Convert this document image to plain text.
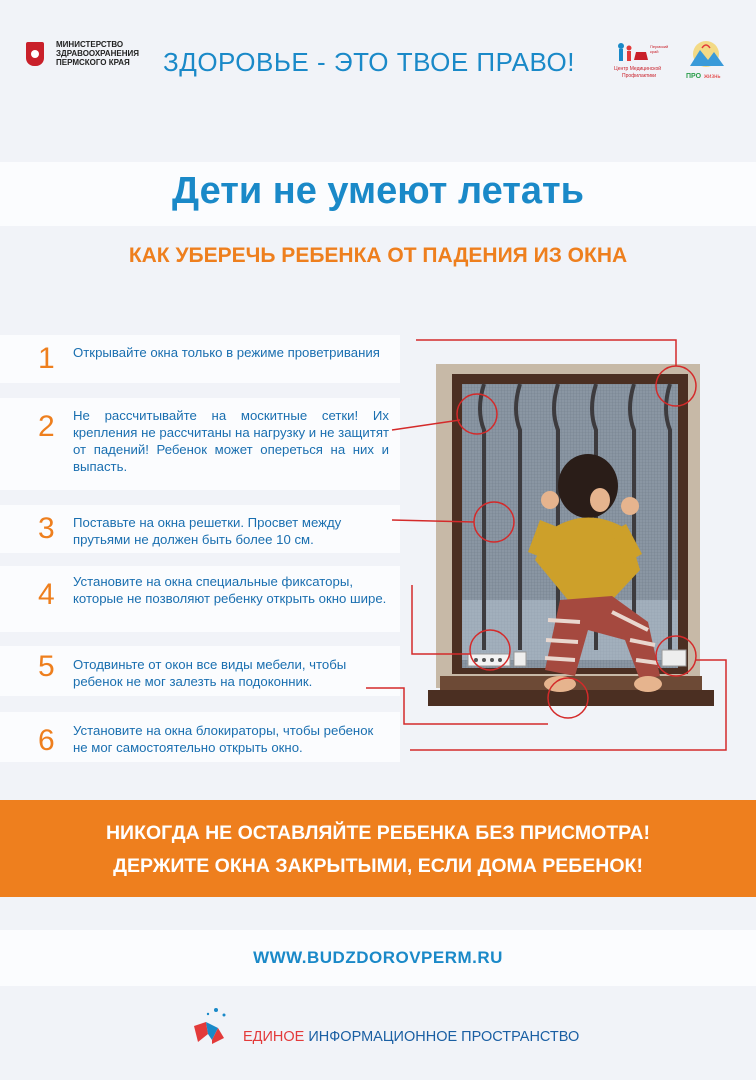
МИНИСТЕРСТВО ЗДРАВООХРАНЕНИЯ ПЕРМСКОГО КРАЯ	ЗДОРОВЬЕ - ЭТО ТВОЕ ПРАВО!
Пермский
край
Центр Медицинской
Профилактики	ПРО жизнь
Дети не умеют летать
КАК УБЕРЕЧЬ РЕБЕНКА ОТ ПАДЕНИЯ ИЗ ОКНА
1 Открывайте окна только в режиме проветривания
2 Не рассчитывайте на москитные сетки! Их крепления не рассчитаны на нагрузку и не защитят от падений! Ребенок может опереться на них и выпасть.
3 Поставьте на окна решетки. Просвет между прутьями не должен быть более 10 см.
4 Установите на окна специальные фиксаторы, которые не позволяют ребенку открыть окно шире.
5 Отодвиньте от окон все виды мебели, чтобы ребенок не мог залезть на подоконник.
6 Установите на окна блокираторы, чтобы ребенок не мог самостоятельно открыть окно.
НИКОГДА НЕ ОСТАВЛЯЙТЕ РЕБЕНКА БЕЗ ПРИСМОТРА!
ДЕРЖИТЕ ОКНА ЗАКРЫТЫМИ, ЕСЛИ ДОМА РЕБЕНОК!
WWW.BUDZDOROVPERM.RU
ЕДИНОЕ ИНФОРМАЦИОННОЕ ПРОСТРАНСТВО
